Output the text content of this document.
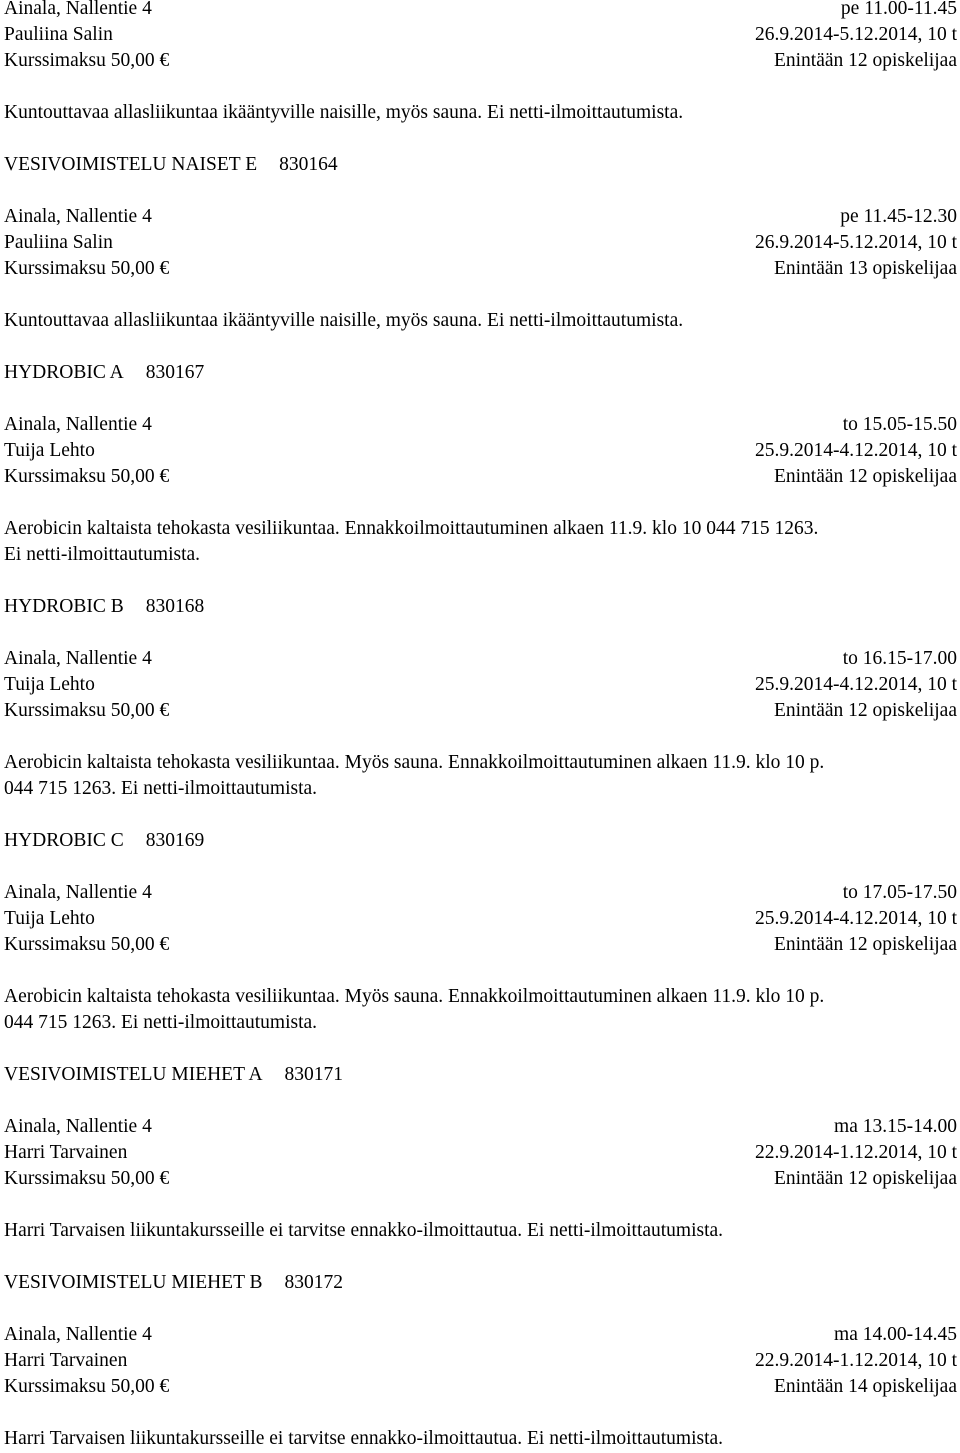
Ainala, Nallentie 4	pe 11.00-11.45
Pauliina Salin	26.9.2014-5.12.2014, 10 t
Kurssimaksu 50,00 €	Enintään 12 opiskelijaa
Kuntouttavaa allasliikuntaa ikääntyville naisille, myös sauna. Ei netti-ilmoittautumista.
VESIVOIMISTELU NAISET E 830164
Ainala, Nallentie 4	pe 11.45-12.30
Pauliina Salin	26.9.2014-5.12.2014, 10 t
Kurssimaksu 50,00 €	Enintään 13 opiskelijaa
Kuntouttavaa allasliikuntaa ikääntyville naisille, myös sauna. Ei netti-ilmoittautumista.
HYDROBIC A 830167
Ainala, Nallentie 4	to 15.05-15.50
Tuija Lehto	25.9.2014-4.12.2014, 10 t
Kurssimaksu 50,00 €	Enintään 12 opiskelijaa
Aerobicin kaltaista tehokasta vesiliikuntaa. Ennakkoilmoittautuminen alkaen 11.9. klo 10 044 715 1263.
Ei netti-ilmoittautumista.
HYDROBIC B 830168
Ainala, Nallentie 4	to 16.15-17.00
Tuija Lehto	25.9.2014-4.12.2014, 10 t
Kurssimaksu 50,00 €	Enintään 12 opiskelijaa
Aerobicin kaltaista tehokasta vesiliikuntaa. Myös sauna. Ennakkoilmoittautuminen alkaen 11.9. klo 10 p.
044 715 1263. Ei netti-ilmoittautumista.
HYDROBIC C 830169
Ainala, Nallentie 4	to 17.05-17.50
Tuija Lehto	25.9.2014-4.12.2014, 10 t
Kurssimaksu 50,00 €	Enintään 12 opiskelijaa
Aerobicin kaltaista tehokasta vesiliikuntaa. Myös sauna. Ennakkoilmoittautuminen alkaen 11.9. klo 10 p.
044 715 1263. Ei netti-ilmoittautumista.
VESIVOIMISTELU MIEHET A 830171
Ainala, Nallentie 4	ma 13.15-14.00
Harri Tarvainen	22.9.2014-1.12.2014, 10 t
Kurssimaksu 50,00 €	Enintään 12 opiskelijaa
Harri Tarvaisen liikuntakursseille ei tarvitse ennakko-ilmoittautua. Ei netti-ilmoittautumista.
VESIVOIMISTELU MIEHET B 830172
Ainala, Nallentie 4	ma 14.00-14.45
Harri Tarvainen	22.9.2014-1.12.2014, 10 t
Kurssimaksu 50,00 €	Enintään 14 opiskelijaa
Harri Tarvaisen liikuntakursseille ei tarvitse ennakko-ilmoittautua. Ei netti-ilmoittautumista.
